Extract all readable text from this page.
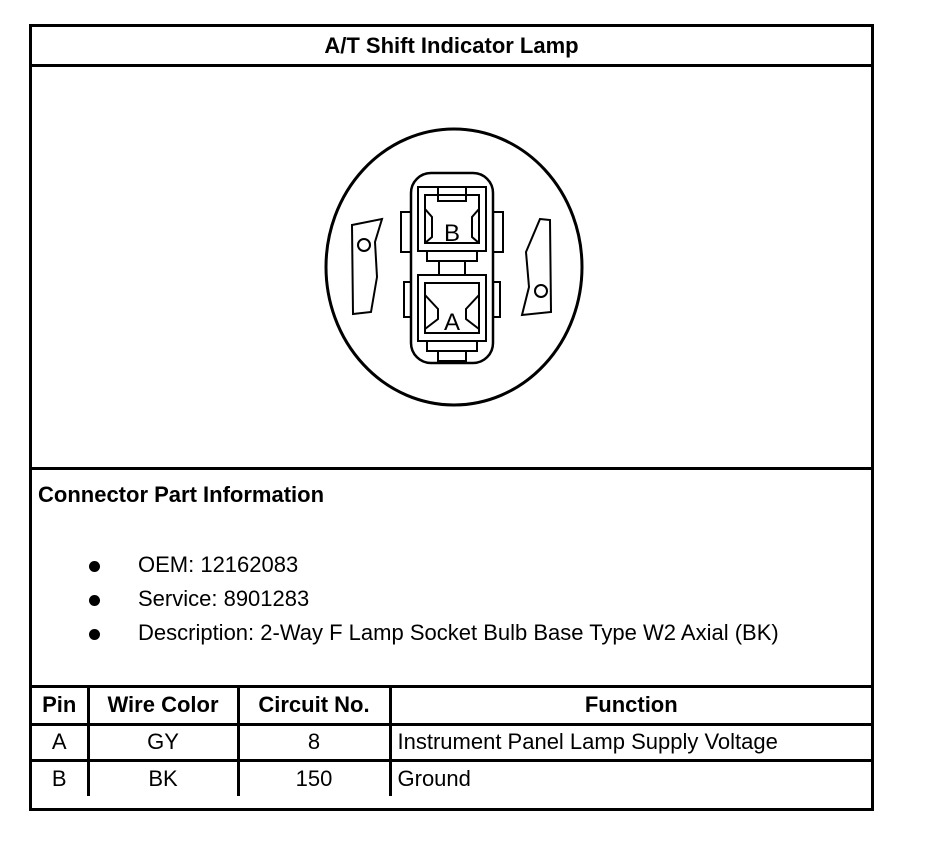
A/T Shift Indicator Lamp
B
A
Connector Part Information
OEM: 12162083
Service: 8901283
Description: 2-Way F Lamp Socket Bulb Base Type W2 Axial (BK)
Pin	Wire Color	Circuit No.	Function
A	GY	8	Instrument Panel Lamp Supply Voltage
B	BK	150	Ground
